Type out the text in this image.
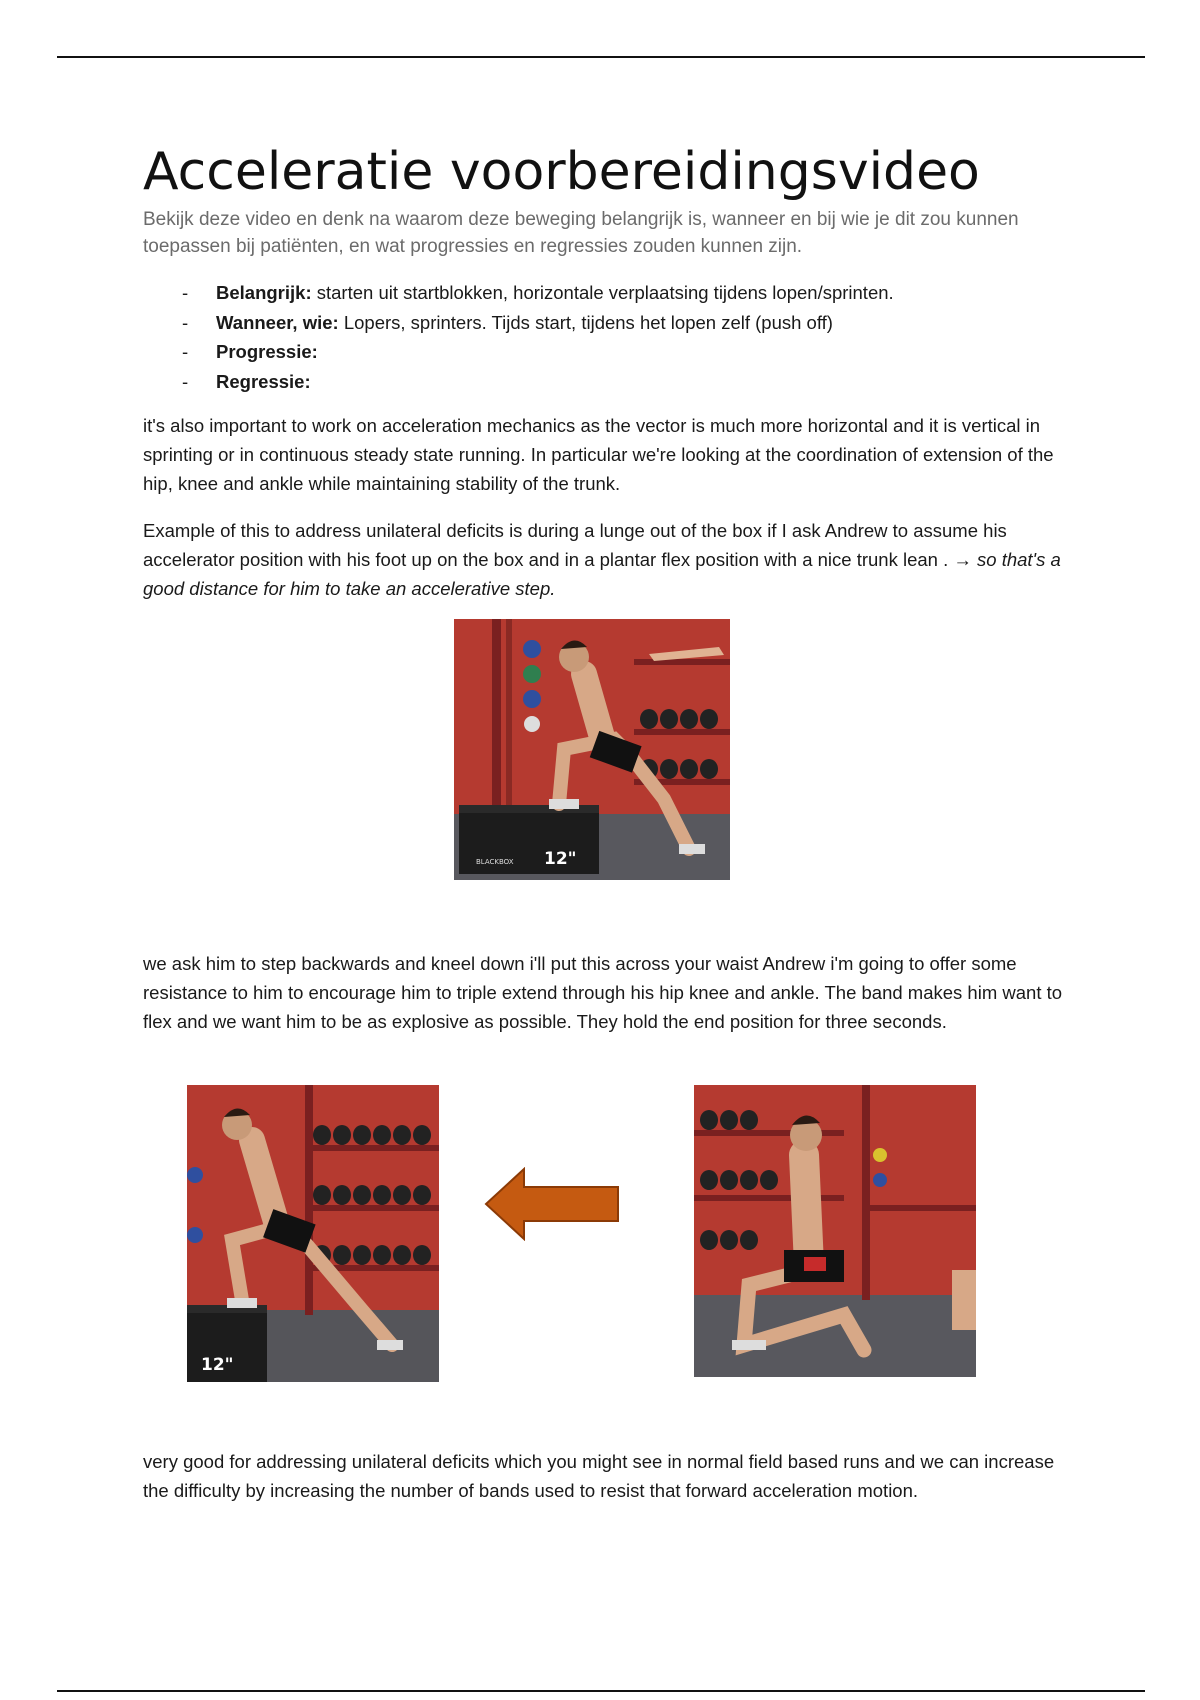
Acceleratie voorbereidingsvideo

Bekijk deze video en denk na waarom deze beweging belangrijk is, wanneer en bij wie je dit zou kunnen toepassen bij patiënten, en wat progressies en regressies zouden kunnen zijn.

- Belangrijk: starten uit startblokken, horizontale verplaatsing tijdens lopen/sprinten.
- Wanneer, wie: Lopers, sprinters. Tijds start, tijdens het lopen zelf (push off)
- Progressie:
- Regressie:

it's also important to work on acceleration mechanics as the vector is much more horizontal and it is vertical in sprinting or in continuous steady state running. In particular we're looking at the coordination of extension of the hip, knee and ankle while maintaining stability of the trunk.

Example of this to address unilateral deficits is during a lunge out of the box if I ask Andrew to assume his accelerator position with his foot up on the box and in a plantar flex position with a nice trunk lean . → so that's a good distance for him to take an accelerative step.

BLACKBOX 12"

we ask him to step backwards and kneel down i'll put this across your waist Andrew i'm going to offer some resistance to him to encourage him to triple extend through his hip knee and ankle. The band makes him want to flex and we want him to be as explosive as possible. They hold the end position for three seconds.

12"

very good for addressing unilateral deficits which you might see in normal field based runs and we can increase the difficulty by increasing the number of bands used to resist that forward acceleration motion.
